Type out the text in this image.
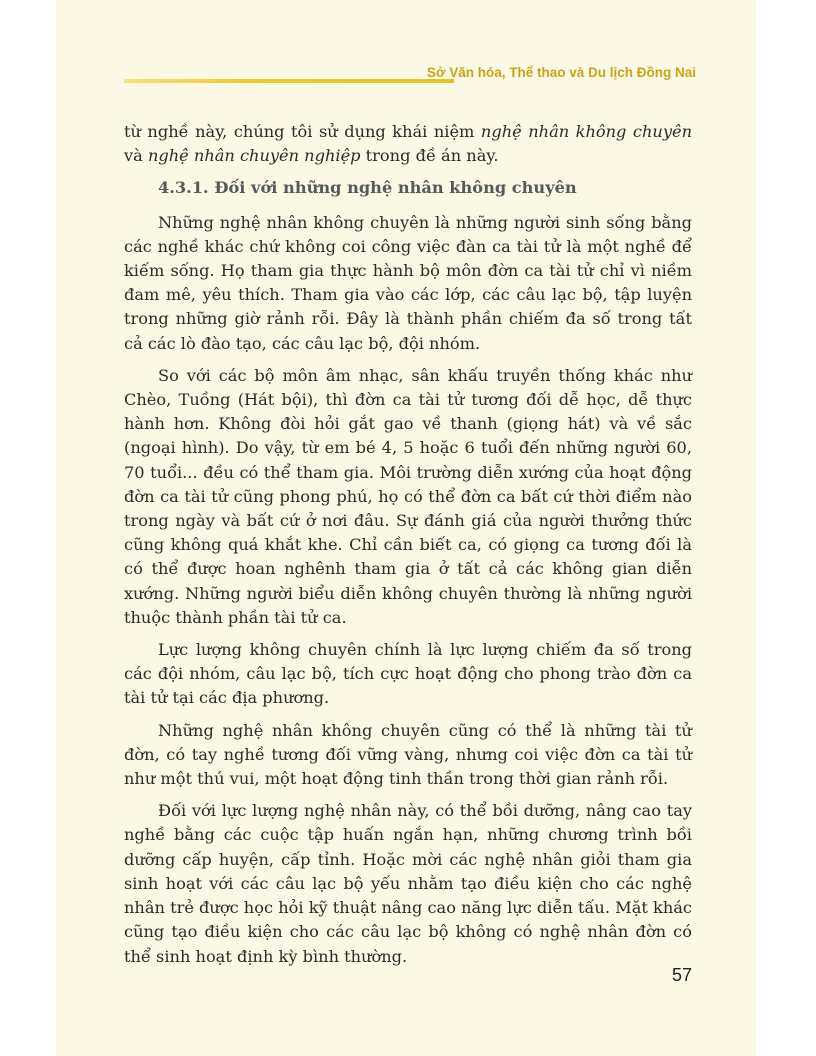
Sở Văn hóa, Thể thao và Du lịch Đồng Nai

từ nghề này, chúng tôi sử dụng khái niệm nghệ nhân không chuyên và nghệ nhân chuyên nghiệp trong đề án này.

4.3.1. Đối với những nghệ nhân không chuyên

Những nghệ nhân không chuyên là những người sinh sống bằng các nghề khác chứ không coi công việc đàn ca tài tử là một nghề để kiếm sống. Họ tham gia thực hành bộ môn đờn ca tài tử chỉ vì niềm đam mê, yêu thích. Tham gia vào các lớp, các câu lạc bộ, tập luyện trong những giờ rảnh rỗi. Đây là thành phần chiếm đa số trong tất cả các lò đào tạo, các câu lạc bộ, đội nhóm.

So với các bộ môn âm nhạc, sân khấu truyền thống khác như Chèo, Tuồng (Hát bội), thì đờn ca tài tử tương đối dễ học, dễ thực hành hơn. Không đòi hỏi gắt gao về thanh (giọng hát) và về sắc (ngoại hình). Do vậy, từ em bé 4, 5 hoặc 6 tuổi đến những người 60, 70 tuổi... đều có thể tham gia. Môi trường diễn xướng của hoạt động đờn ca tài tử cũng phong phú, họ có thể đờn ca bất cứ thời điểm nào trong ngày và bất cứ ở nơi đâu. Sự đánh giá của người thưởng thức cũng không quá khắt khe. Chỉ cần biết ca, có giọng ca tương đối là có thể được hoan nghênh tham gia ở tất cả các không gian diễn xướng. Những người biểu diễn không chuyên thường là những người thuộc thành phần tài tử ca.

Lực lượng không chuyên chính là lực lượng chiếm đa số trong các đội nhóm, câu lạc bộ, tích cực hoạt động cho phong trào đờn ca tài tử tại các địa phương.

Những nghệ nhân không chuyên cũng có thể là những tài tử đờn, có tay nghề tương đối vững vàng, nhưng coi việc đờn ca tài tử như một thú vui, một hoạt động tinh thần trong thời gian rảnh rỗi.

Đối với lực lượng nghệ nhân này, có thể bồi dưỡng, nâng cao tay nghề bằng các cuộc tập huấn ngắn hạn, những chương trình bồi dưỡng cấp huyện, cấp tỉnh. Hoặc mời các nghệ nhân giỏi tham gia sinh hoạt với các câu lạc bộ yếu nhằm tạo điều kiện cho các nghệ nhân trẻ được học hỏi kỹ thuật nâng cao năng lực diễn tấu. Mặt khác cũng tạo điều kiện cho các câu lạc bộ không có nghệ nhân đờn có thể sinh hoạt định kỳ bình thường.

57
